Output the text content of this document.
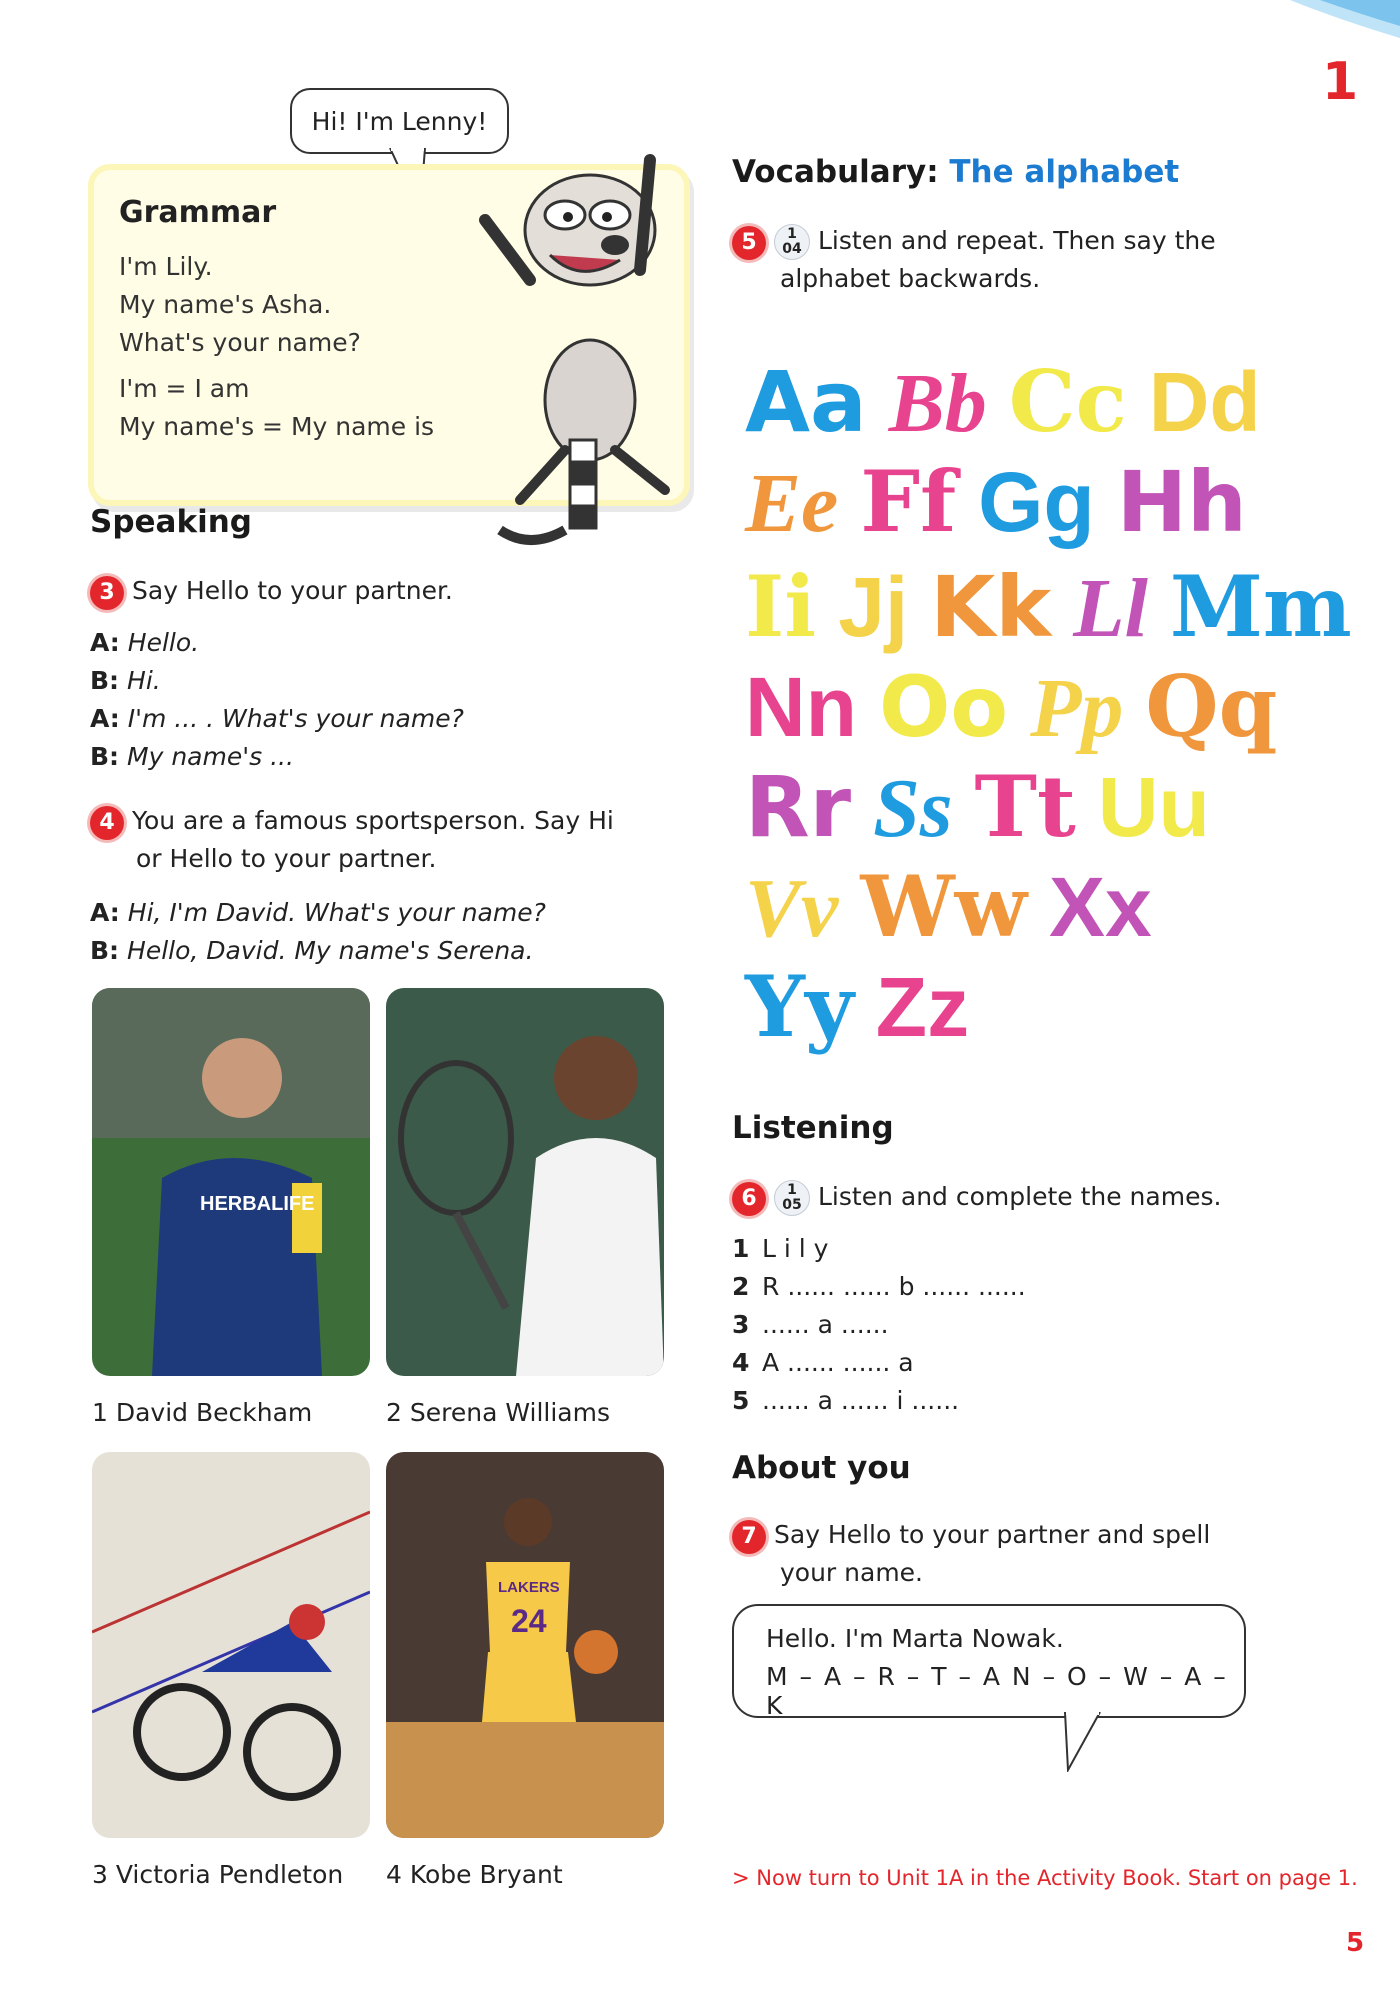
1
Hi! I'm Lenny!
Grammar
I'm Lily.
My name's Asha.
What's your name?
I'm = I am
My name's = My name is
Speaking
3 Say Hello to your partner.
A: Hello.
B: Hi.
A: I'm ... . What's your name?
B: My name's ...
4 You are a famous sportsperson. Say Hi
or Hello to your partner.
A: Hi, I'm David. What's your name?
B: Hello, David. My name's Serena.
HERBALIFE
1 David Beckham	2 Serena Williams
LAKERS
24
3 Victoria Pendleton 4 Kobe Bryant
Vocabulary: The alphabet
5 1
04 Listen and repeat. Then say the
alphabet backwards.
Aa Bb Cc Dd
Ee Ff Gg Hh
Ii Jj Kk Ll Mm
Nn Oo Pp Qq
Rr Ss Tt Uu
Vv Ww Xx
Yy Zz
Listening
6 1
05 Listen and complete the names.
1 L i l y
2 R ...... ...... b ...... ......
3 ...... a ......
4 A ...... ...... a
5 ...... a ...... i ......
About you
7 Say Hello to your partner and spell
your name.
Hello. I'm Marta Nowak.
M – A – R – T – A N – O – W – A – K
> Now turn to Unit 1A in the Activity Book. Start on page 1.
5
